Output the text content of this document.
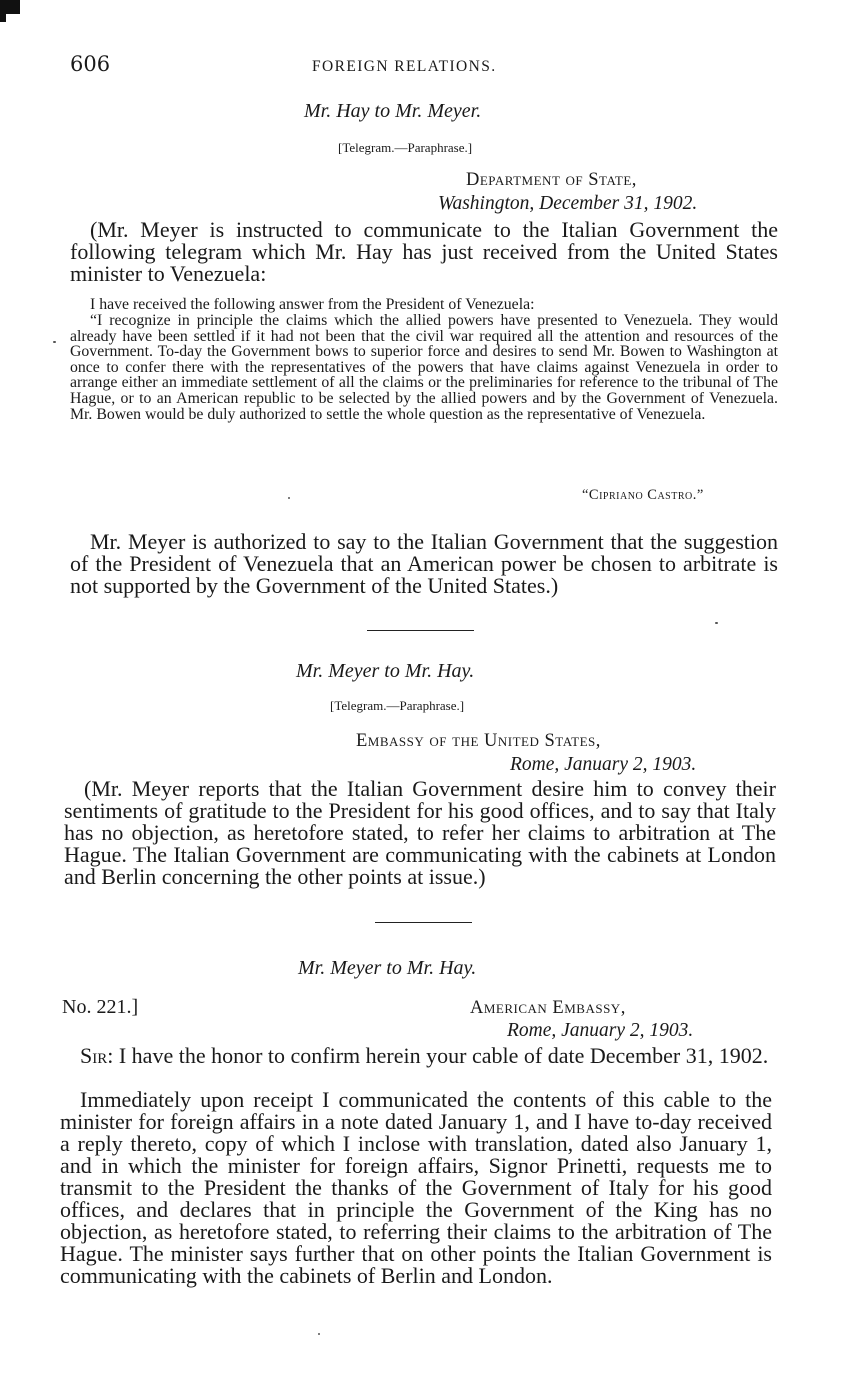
606	FOREIGN RELATIONS.
Mr. Hay to Mr. Meyer.
[Telegram.—Paraphrase.]
Department of State,
Washington, December 31, 1902.

(Mr. Meyer is instructed to communicate to the Italian Government the following telegram which Mr. Hay has just received from the United States minister to Venezuela:

I have received the following answer from the President of Venezuela:

“I recognize in principle the claims which the allied powers have presented to Venezuela. They would already have been settled if it had not been that the civil war required all the attention and resources of the Government. To-day the Government bows to superior force and desires to send Mr. Bowen to Washington at once to confer there with the representatives of the powers that have claims against Venezuela in order to arrange either an immediate settlement of all the claims or the preliminaries for reference to the tribunal of The Hague, or to an American republic to be selected by the allied powers and by the Government of Venezuela. Mr. Bowen would be duly authorized to settle the whole question as the representative of Venezuela.

“Cipriano Castro.”

Mr. Meyer is authorized to say to the Italian Government that the suggestion of the President of Venezuela that an American power be chosen to arbitrate is not supported by the Government of the United States.)

Mr. Meyer to Mr. Hay.
[Telegram.—Paraphrase.]
Embassy of the United States,
Rome, January 2, 1903.

(Mr. Meyer reports that the Italian Government desire him to convey their sentiments of gratitude to the President for his good offices, and to say that Italy has no objection, as heretofore stated, to refer her claims to arbitration at The Hague. The Italian Government are communicating with the cabinets at London and Berlin concerning the other points at issue.)

Mr. Meyer to Mr. Hay.
No. 221.]	American Embassy,
Rome, January 2, 1903.

Sir: I have the honor to confirm herein your cable of date December 31, 1902.

Immediately upon receipt I communicated the contents of this cable to the minister for foreign affairs in a note dated January 1, and I have to-day received a reply thereto, copy of which I inclose with translation, dated also January 1, and in which the minister for foreign affairs, Signor Prinetti, requests me to transmit to the President the thanks of the Government of Italy for his good offices, and declares that in principle the Government of the King has no objection, as heretofore stated, to referring their claims to the arbitration of The Hague. The minister says further that on other points the Italian Government is communicating with the cabinets of Berlin and London.
